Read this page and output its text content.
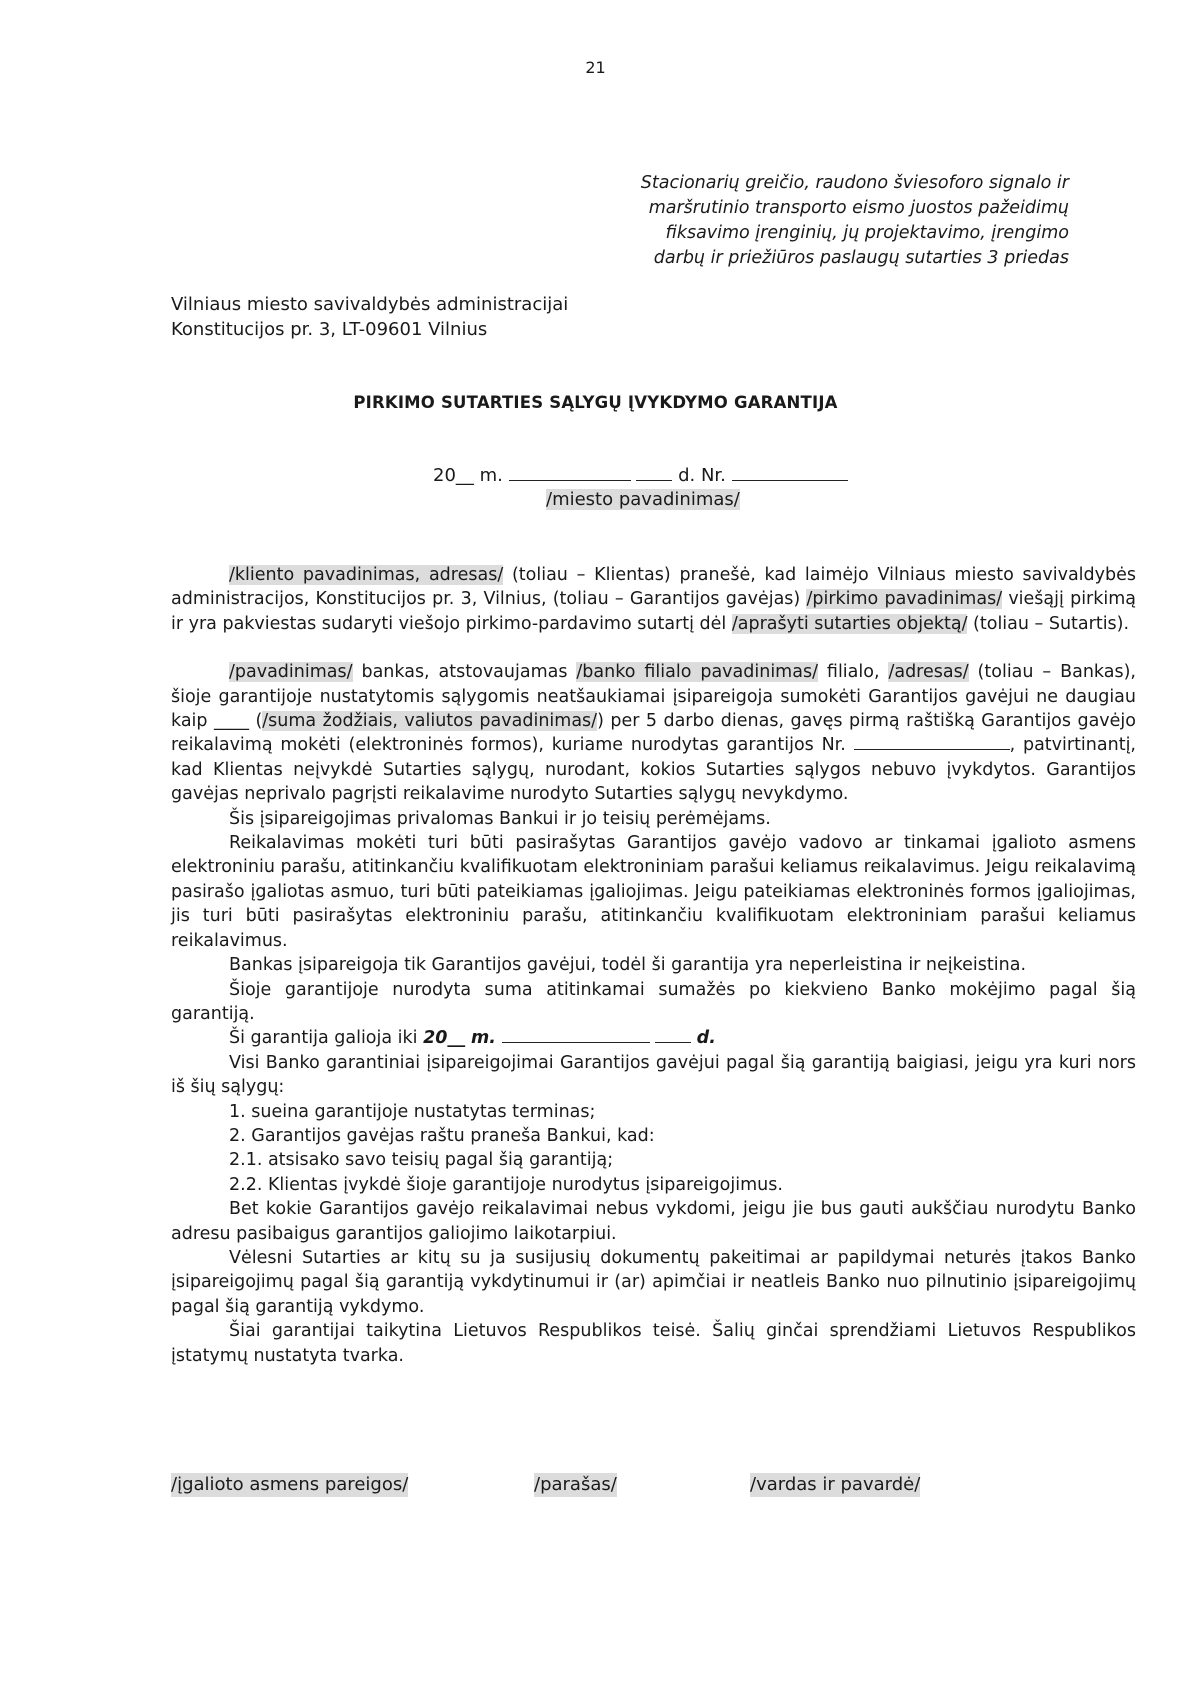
21
Stacionarių greičio, raudono šviesoforo signalo ir
maršrutinio transporto eismo juostos pažeidimų
fiksavimo įrenginių, jų projektavimo, įrengimo
darbų ir priežiūros paslaugų sutarties 3 priedas
Vilniaus miesto savivaldybės administracijai
Konstitucijos pr. 3, LT-09601 Vilnius
PIRKIMO SUTARTIES SĄLYGŲ ĮVYKDYMO GARANTIJA
20__ m.	d. Nr.
/miesto pavadinimas/

/kliento pavadinimas, adresas/ (toliau – Klientas) pranešė, kad laimėjo Vilniaus miesto savivaldybės administracijos, Konstitucijos pr. 3, Vilnius, (toliau – Garantijos gavėjas) /pirkimo pavadinimas/ viešąjį pirkimą ir yra pakviestas sudaryti viešojo pirkimo-pardavimo sutartį dėl /aprašyti sutarties objektą/ (toliau – Sutartis).

/pavadinimas/ bankas, atstovaujamas /banko filialo pavadinimas/ filialo, /adresas/ (toliau – Bankas), šioje garantijoje nustatytomis sąlygomis neatšaukiamai įsipareigoja sumokėti Garantijos gavėjui ne daugiau kaip ____ (/suma žodžiais, valiutos pavadinimas/) per 5 darbo dienas, gavęs pirmą raštišką Garantijos gavėjo reikalavimą mokėti (elektroninės formos), kuriame nurodytas garantijos Nr.	, patvirtinantį, kad Klientas neįvykdė Sutarties sąlygų, nurodant, kokios Sutarties sąlygos nebuvo įvykdytos. Garantijos gavėjas neprivalo pagrįsti reikalavime nurodyto Sutarties sąlygų nevykdymo.

Šis įsipareigojimas privalomas Bankui ir jo teisių perėmėjams.

Reikalavimas mokėti turi būti pasirašytas Garantijos gavėjo vadovo ar tinkamai įgalioto asmens elektroniniu parašu, atitinkančiu kvalifikuotam elektroniniam parašui keliamus reikalavimus. Jeigu reikalavimą pasirašo įgaliotas asmuo, turi būti pateikiamas įgaliojimas. Jeigu pateikiamas elektroninės formos įgaliojimas, jis turi būti pasirašytas elektroniniu parašu, atitinkančiu kvalifikuotam elektroniniam parašui keliamus reikalavimus.

Bankas įsipareigoja tik Garantijos gavėjui, todėl ši garantija yra neperleistina ir neįkeistina.

Šioje garantijoje nurodyta suma atitinkamai sumažės po kiekvieno Banko mokėjimo pagal šią garantiją.

Ši garantija galioja iki 20__ m.	d.

Visi Banko garantiniai įsipareigojimai Garantijos gavėjui pagal šią garantiją baigiasi, jeigu yra kuri nors iš šių sąlygų:

1. sueina garantijoje nustatytas terminas;

2. Garantijos gavėjas raštu praneša Bankui, kad:

2.1. atsisako savo teisių pagal šią garantiją;

2.2. Klientas įvykdė šioje garantijoje nurodytus įsipareigojimus.

Bet kokie Garantijos gavėjo reikalavimai nebus vykdomi, jeigu jie bus gauti aukščiau nurodytu Banko adresu pasibaigus garantijos galiojimo laikotarpiui.

Vėlesni Sutarties ar kitų su ja susijusių dokumentų pakeitimai ar papildymai neturės įtakos Banko įsipareigojimų pagal šią garantiją vykdytinumui ir (ar) apimčiai ir neatleis Banko nuo pilnutinio įsipareigojimų pagal šią garantiją vykdymo.

Šiai garantijai taikytina Lietuvos Respublikos teisė. Šalių ginčai sprendžiami Lietuvos Respublikos įstatymų nustatyta tvarka.

/įgalioto asmens pareigos/	/parašas/	/vardas ir pavardė/
